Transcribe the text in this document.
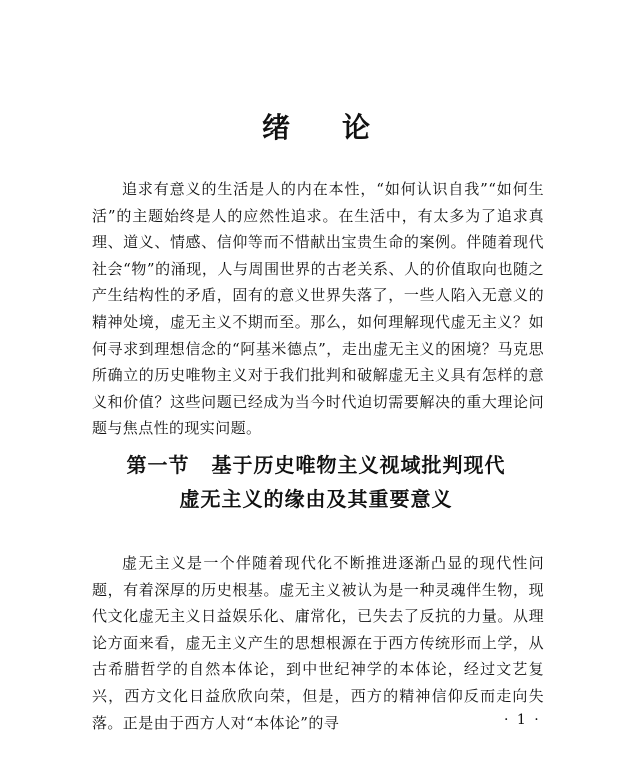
绪论

追求有意义的生活是人的内在本性，“如何认识自我”“如何生活”的主题始终是人的应然性追求。在生活中，有太多为了追求真理、道义、情感、信仰等而不惜献出宝贵生命的案例。伴随着现代社会“物”的涌现，人与周围世界的古老关系、人的价值取向也随之产生结构性的矛盾，固有的意义世界失落了，一些人陷入无意义的精神处境，虚无主义不期而至。那么，如何理解现代虚无主义？如何寻求到理想信念的“阿基米德点”，走出虚无主义的困境？马克思所确立的历史唯物主义对于我们批判和破解虚无主义具有怎样的意义和价值？这些问题已经成为当今时代迫切需要解决的重大理论问题与焦点性的现实问题。

第一节 基于历史唯物主义视域批判现代
虚无主义的缘由及其重要意义

虚无主义是一个伴随着现代化不断推进逐渐凸显的现代性问题，有着深厚的历史根基。虚无主义被认为是一种灵魂伴生物，现代文化虚无主义日益娱乐化、庸常化，已失去了反抗的力量。从理论方面来看，虚无主义产生的思想根源在于西方传统形而上学，从古希腊哲学的自然本体论，到中世纪神学的本体论，经过文艺复兴，西方文化日益欣欣向荣，但是，西方的精神信仰反而走向失落。正是由于西方人对“本体论”的寻	· 1 ·
